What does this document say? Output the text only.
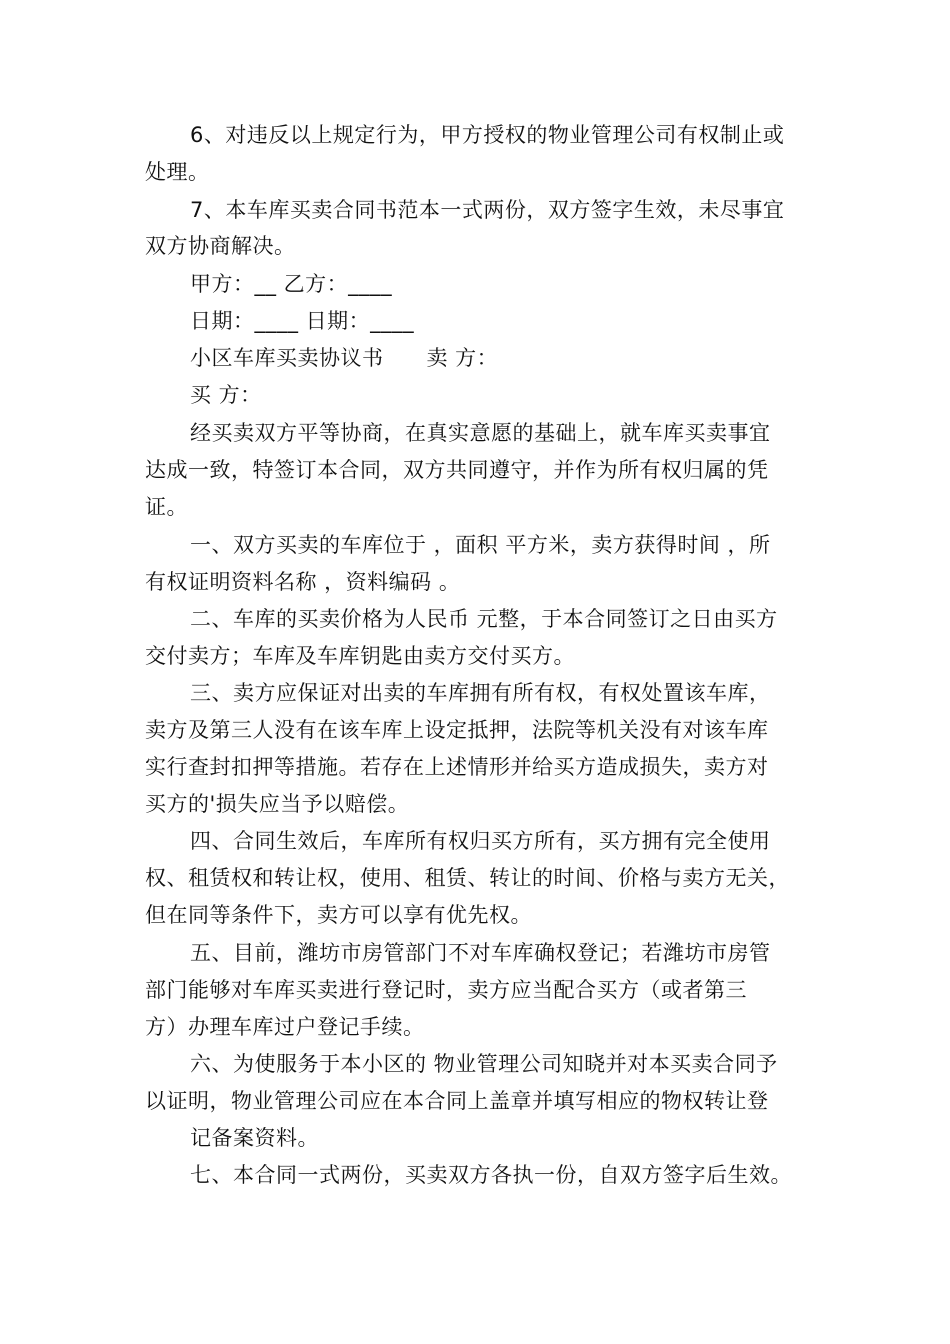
6、对违反以上规定行为，甲方授权的物业管理公司有权制止或
处理。
7、本车库买卖合同书范本一式两份，双方签字生效，未尽事宜
双方协商解决。
甲方：__ 乙方：____
日期：____ 日期：____
小区车库买卖协议书　　卖 方：
买 方：
经买卖双方平等协商，在真实意愿的基础上，就车库买卖事宜
达成一致，特签订本合同，双方共同遵守，并作为所有权归属的凭
证。
一、双方买卖的车库位于 ，面积 平方米，卖方获得时间 ，所
有权证明资料名称 ，资料编码 。
二、车库的买卖价格为人民币 元整，于本合同签订之日由买方
交付卖方；车库及车库钥匙由卖方交付买方。
三、卖方应保证对出卖的车库拥有所有权，有权处置该车库，
卖方及第三人没有在该车库上设定抵押，法院等机关没有对该车库
实行查封扣押等措施。若存在上述情形并给买方造成损失，卖方对
买方的'损失应当予以赔偿。
四、合同生效后，车库所有权归买方所有，买方拥有完全使用
权、租赁权和转让权，使用、租赁、转让的时间、价格与卖方无关，
但在同等条件下，卖方可以享有优先权。
五、目前，潍坊市房管部门不对车库确权登记；若潍坊市房管
部门能够对车库买卖进行登记时，卖方应当配合买方（或者第三
方）办理车库过户登记手续。
六、为使服务于本小区的 物业管理公司知晓并对本买卖合同予
以证明，物业管理公司应在本合同上盖章并填写相应的物权转让登
记备案资料。
七、本合同一式两份，买卖双方各执一份，自双方签字后生效。
